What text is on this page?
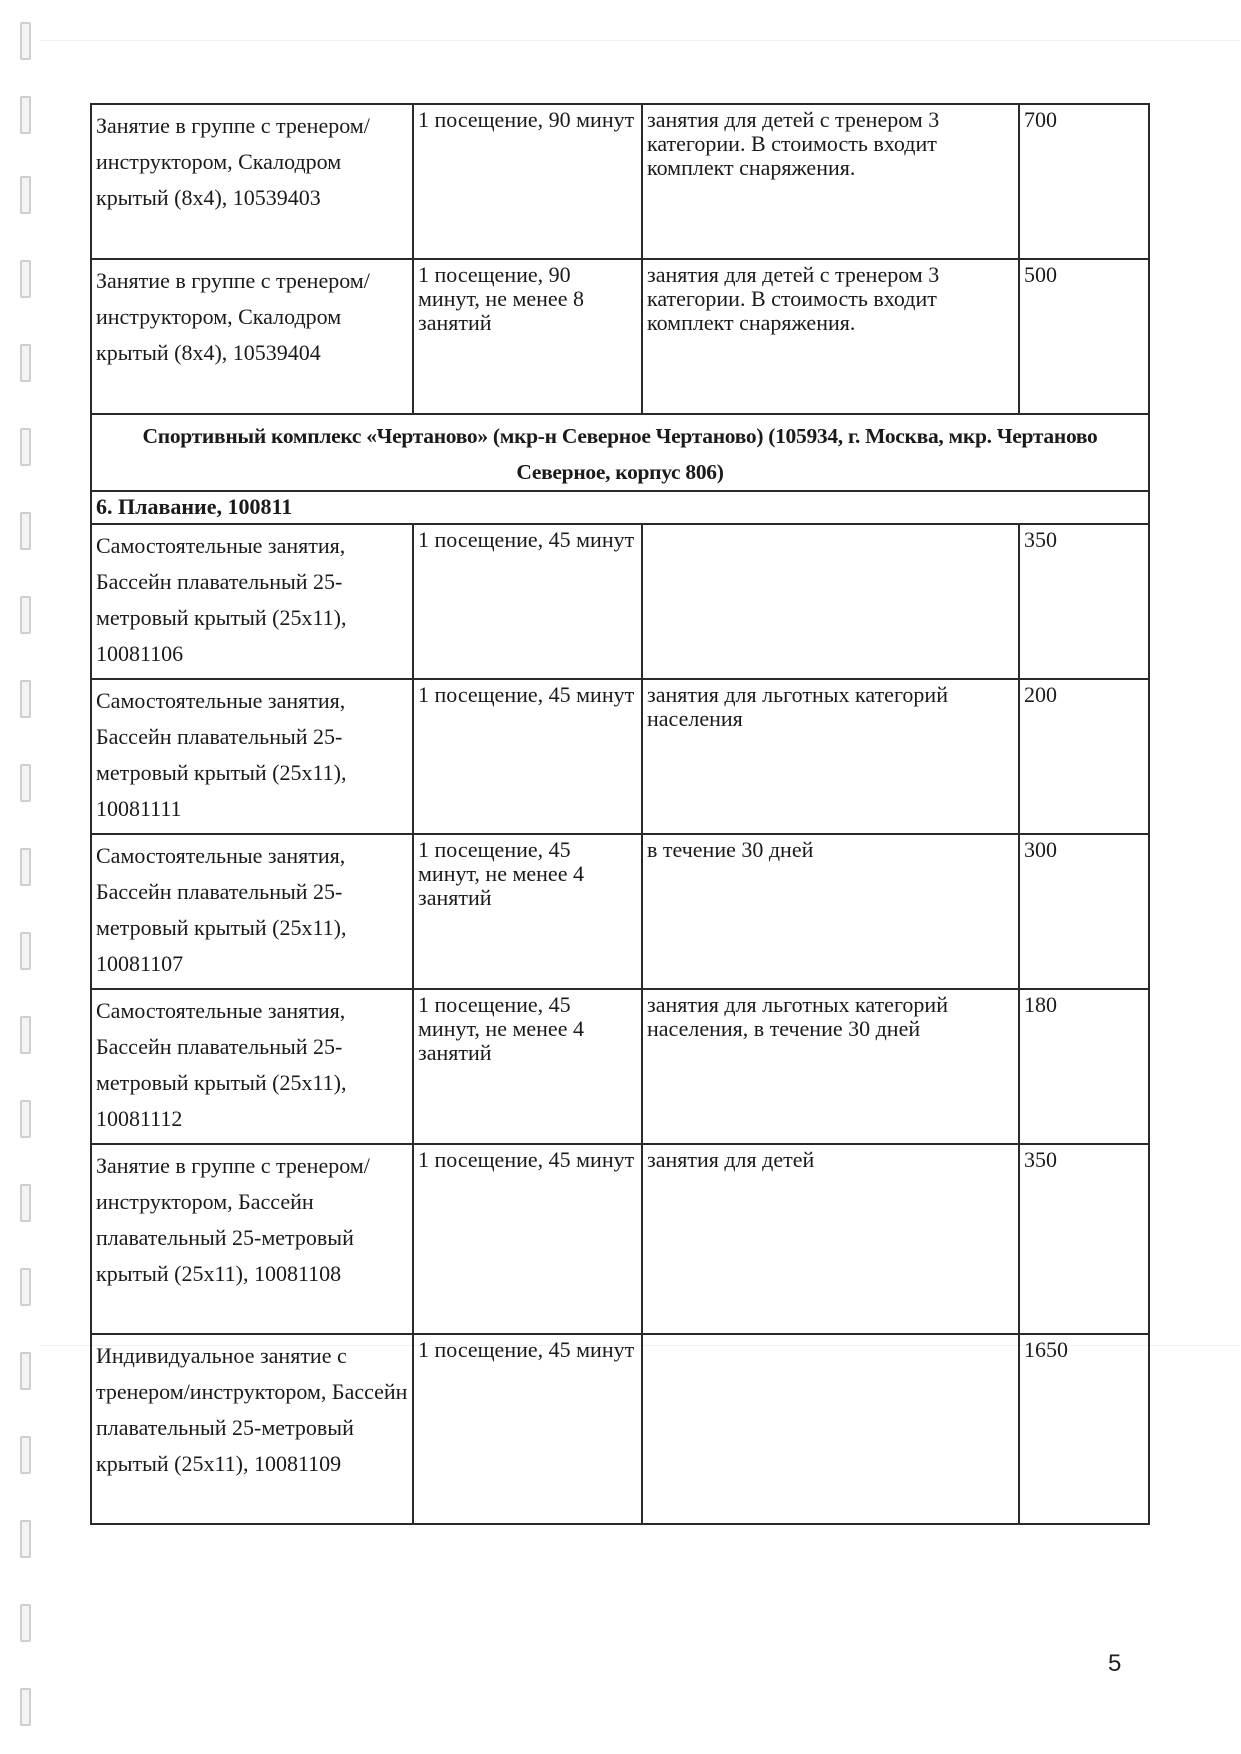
Занятие в группе с тренером/инструктором, Скалодром крытый (8х4), 10539403	1 посещение, 90 минут	занятия для детей с тренером 3 категории. В стоимость входит комплект снаряжения.	700
Занятие в группе с тренером/инструктором, Скалодром крытый (8х4), 10539404	1 посещение, 90 минут, не менее 8 занятий	занятия для детей с тренером 3 категории. В стоимость входит комплект снаряжения.	500
Спортивный комплекс «Чертаново» (мкр-н Северное Чертаново) (105934, г. Москва, мкр. Чертаново Северное, корпус 806)			
6. Плавание, 100811			
Самостоятельные занятия, Бассейн плавательный 25-метровый крытый (25х11), 10081106	1 посещение, 45 минут		350
Самостоятельные занятия, Бассейн плавательный 25-метровый крытый (25х11), 10081111	1 посещение, 45 минут	занятия для льготных категорий населения	200
Самостоятельные занятия, Бассейн плавательный 25-метровый крытый (25х11), 10081107	1 посещение, 45 минут, не менее 4 занятий	в течение 30 дней	300
Самостоятельные занятия, Бассейн плавательный 25-метровый крытый (25х11), 10081112	1 посещение, 45 минут, не менее 4 занятий	занятия для льготных категорий населения, в течение 30 дней	180
Занятие в группе с тренером/инструктором, Бассейн плавательный 25-метровый крытый (25х11), 10081108	1 посещение, 45 минут	занятия для детей	350
Индивидуальное занятие с тренером/инструктором, Бассейн плавательный 25-метровый крытый (25х11), 10081109	1 посещение, 45 минут		1650
5
